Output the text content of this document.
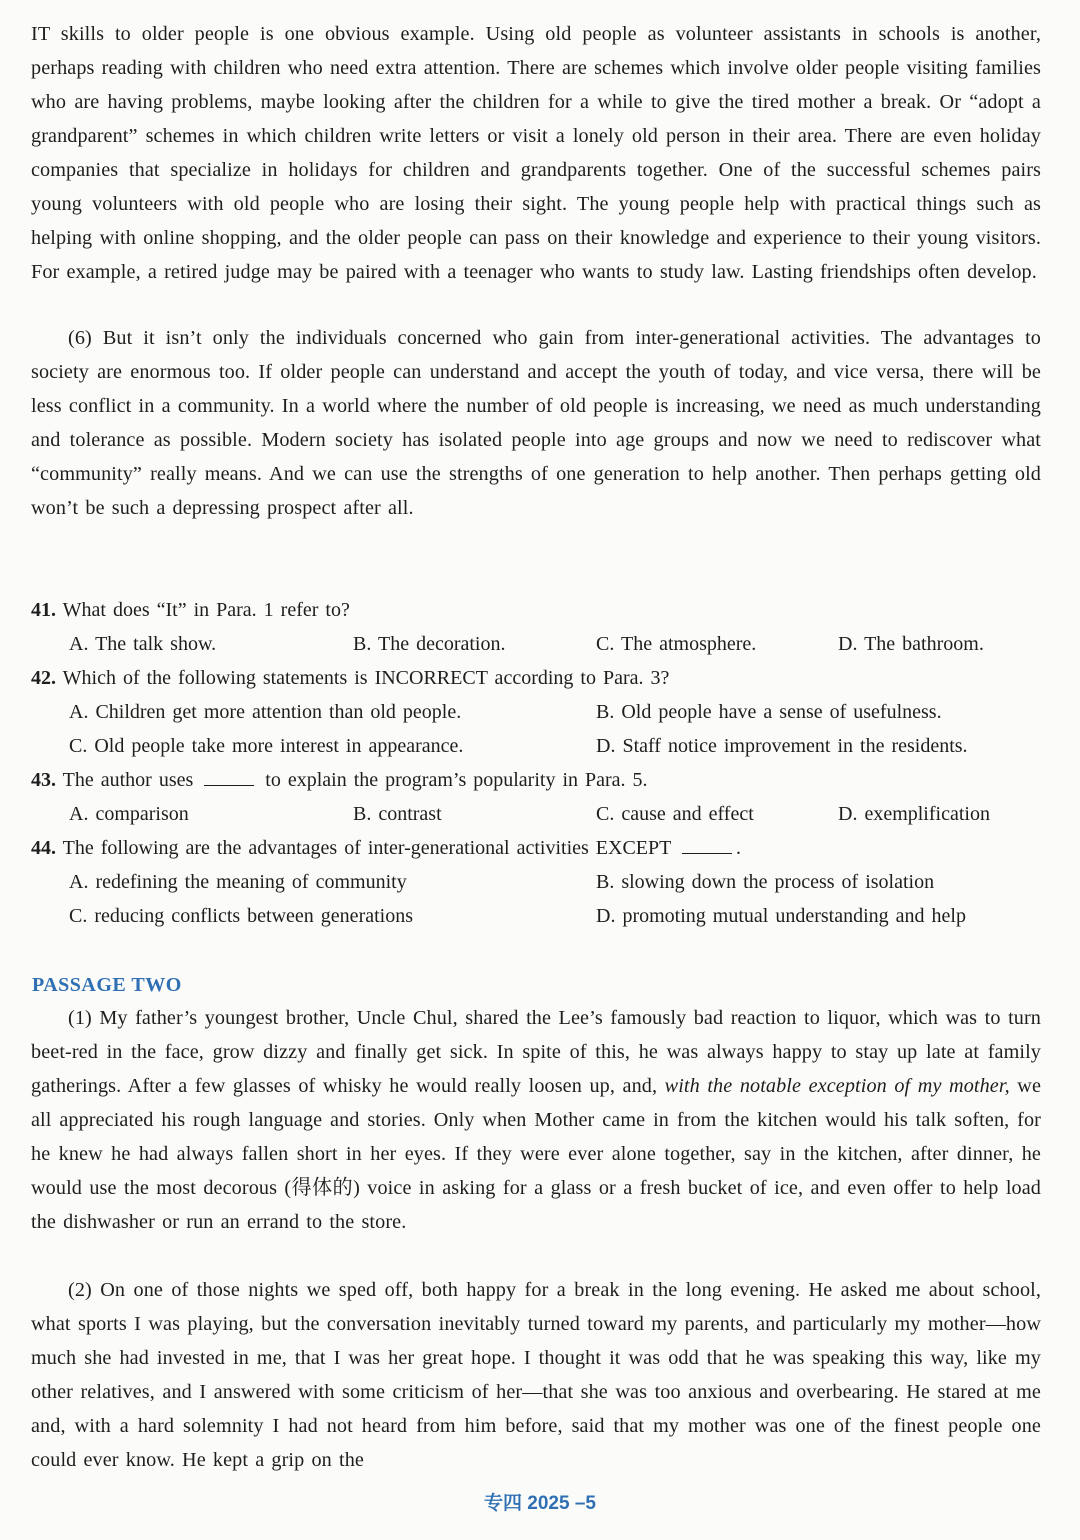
IT skills to older people is one obvious example. Using old people as volunteer assistants in schools is another, perhaps reading with children who need extra attention. There are schemes which involve older people visiting families who are having problems, maybe looking after the children for a while to give the tired mother a break. Or “adopt a grandparent” schemes in which children write letters or visit a lonely old person in their area. There are even holiday companies that specialize in holidays for children and grandparents together. One of the successful schemes pairs young volunteers with old people who are losing their sight. The young people help with practical things such as helping with online shopping, and the older people can pass on their knowledge and experience to their young visitors. For example, a retired judge may be paired with a teenager who wants to study law. Lasting friendships often develop.

(6) But it isn’t only the individuals concerned who gain from inter-generational activities. The advantages to society are enormous too. If older people can understand and accept the youth of today, and vice versa, there will be less conflict in a community. In a world where the number of old people is increasing, we need as much understanding and tolerance as possible. Modern society has isolated people into age groups and now we need to rediscover what “community” really means. And we can use the strengths of one generation to help another. Then perhaps getting old won’t be such a depressing prospect after all.

41. What does “It” in Para. 1 refer to?
A. The talk show.	B. The decoration.	C. The atmosphere.	D. The bathroom.
42. Which of the following statements is INCORRECT according to Para. 3?
A. Children get more attention than old people.	B. Old people have a sense of usefulness.
C. Old people take more interest in appearance.	D. Staff notice improvement in the residents.
43. The author uses	to explain the program’s popularity in Para. 5.
A. comparison	B. contrast	C. cause and effect	D. exemplification
44. The following are the advantages of inter-generational activities EXCEPT	.
A. redefining the meaning of community	B. slowing down the process of isolation
C. reducing conflicts between generations	D. promoting mutual understanding and help
PASSAGE TWO

(1) My father’s youngest brother, Uncle Chul, shared the Lee’s famously bad reaction to liquor, which was to turn beet-red in the face, grow dizzy and finally get sick. In spite of this, he was always happy to stay up late at family gatherings. After a few glasses of whisky he would really loosen up, and, with the notable exception of my mother, we all appreciated his rough language and stories. Only when Mother came in from the kitchen would his talk soften, for he knew he had always fallen short in her eyes. If they were ever alone together, say in the kitchen, after dinner, he would use the most decorous (得体的) voice in asking for a glass or a fresh bucket of ice, and even offer to help load the dishwasher or run an errand to the store.

(2) On one of those nights we sped off, both happy for a break in the long evening. He asked me about school, what sports I was playing, but the conversation inevitably turned toward my parents, and particularly my mother—how much she had invested in me, that I was her great hope. I thought it was odd that he was speaking this way, like my other relatives, and I answered with some criticism of her—that she was too anxious and overbearing. He stared at me and, with a hard solemnity I had not heard from him before, said that my mother was one of the finest people one could ever know. He kept a grip on the

专四 2025 –5
